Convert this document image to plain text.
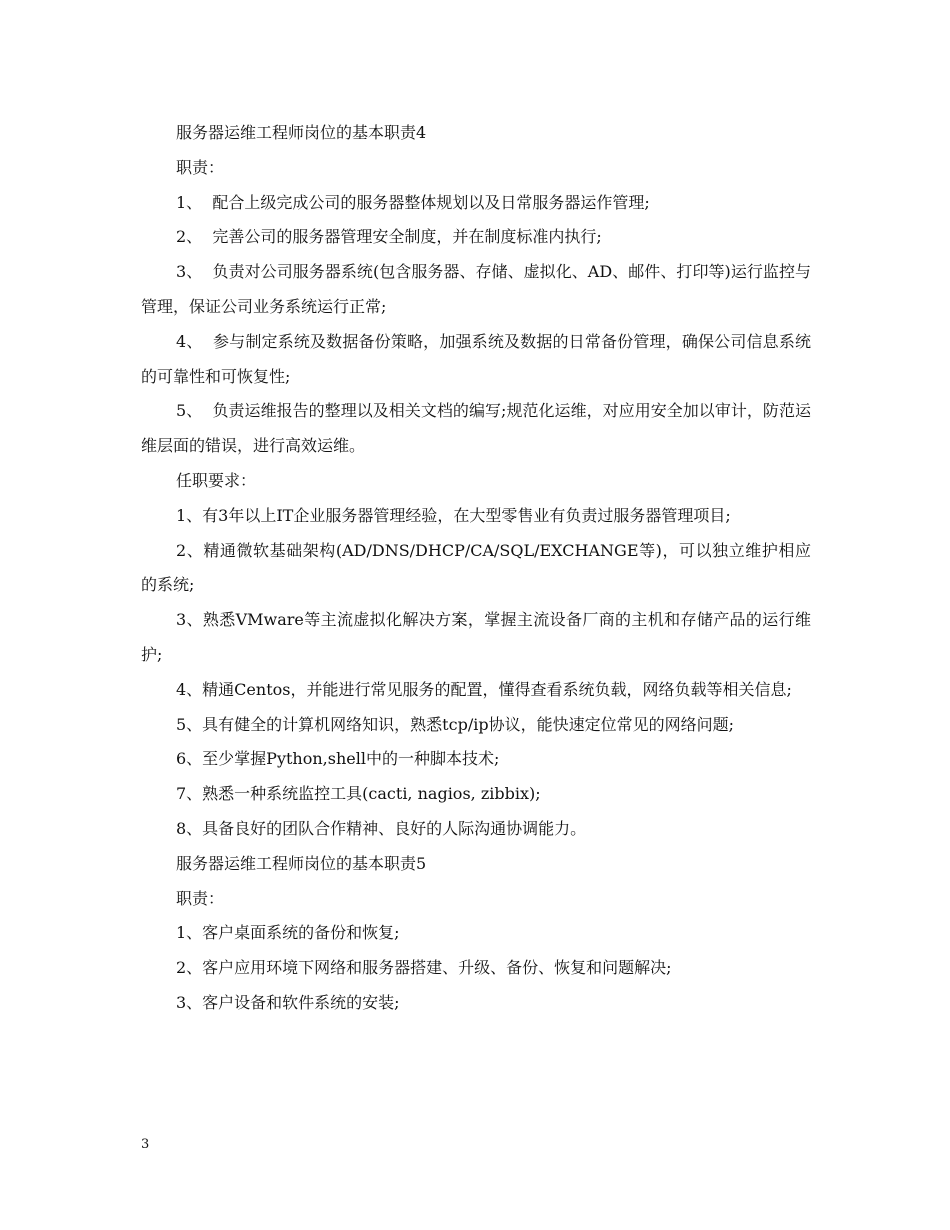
服务器运维工程师岗位的基本职责4

职责：

1、  配合上级完成公司的服务器整体规划以及日常服务器运作管理;

2、  完善公司的服务器管理安全制度，并在制度标准内执行;

3、  负责对公司服务器系统(包含服务器、存储、虚拟化、AD、邮件、打印等)运行监控与管理，保证公司业务系统运行正常;

4、  参与制定系统及数据备份策略，加强系统及数据的日常备份管理，确保公司信息系统的可靠性和可恢复性;

5、  负责运维报告的整理以及相关文档的编写;规范化运维，对应用安全加以审计，防范运维层面的错误，进行高效运维。

任职要求：

1、有3年以上IT企业服务器管理经验，在大型零售业有负责过服务器管理项目;

2、精通微软基础架构(AD/DNS/DHCP/CA/SQL/EXCHANGE等)，可以独立维护相应的系统;

3、熟悉VMware等主流虚拟化解决方案，掌握主流设备厂商的主机和存储产品的运行维护;

4、精通Centos，并能进行常见服务的配置，懂得查看系统负载，网络负载等相关信息;

5、具有健全的计算机网络知识，熟悉tcp/ip协议，能快速定位常见的网络问题;

6、至少掌握Python,shell中的一种脚本技术;

7、熟悉一种系统监控工具(cacti, nagios, zibbix);

8、具备良好的团队合作精神、良好的人际沟通协调能力。

服务器运维工程师岗位的基本职责5

职责：

1、客户桌面系统的备份和恢复;

2、客户应用环境下网络和服务器搭建、升级、备份、恢复和问题解决;

3、客户设备和软件系统的安装;

3
